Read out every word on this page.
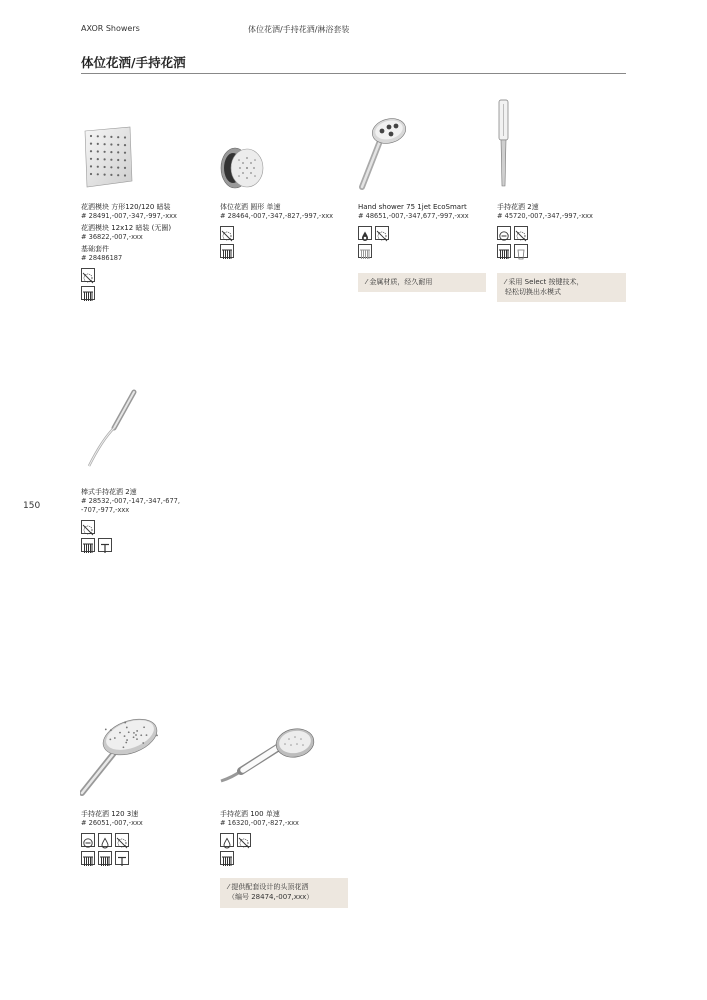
AXOR Showers	体位花洒/手持花洒/淋浴套装
体位花洒/手持花洒
150
花洒模块 方形120/120 暗装
# 28491,-007,-347,-997,-xxx
花洒模块 12x12 暗装 (无圈)
# 36822,-007,-xxx
基础套件
# 28486187
体位花洒 圆形 单速
# 28464,-007,-347,-827,-997,-xxx
Hand shower 75 1jet EcoSmart
# 48651,-007,-347,677,-997,-xxx
⁄ 金属材质，经久耐用
手持花洒 2速
# 45720,-007,-347,-997,-xxx
⁄ 采用 Select 按键技术，
轻松切换出水模式
棒式手持花洒 2速
# 28532,-007,-147,-347,-677,
-707,-977,-xxx
手持花洒 120 3速
# 26051,-007,-xxx
手持花洒 100 单速
# 16320,-007,-827,-xxx
⁄ 提供配套设计的头顶花洒
（编号 28474,-007,xxx）
